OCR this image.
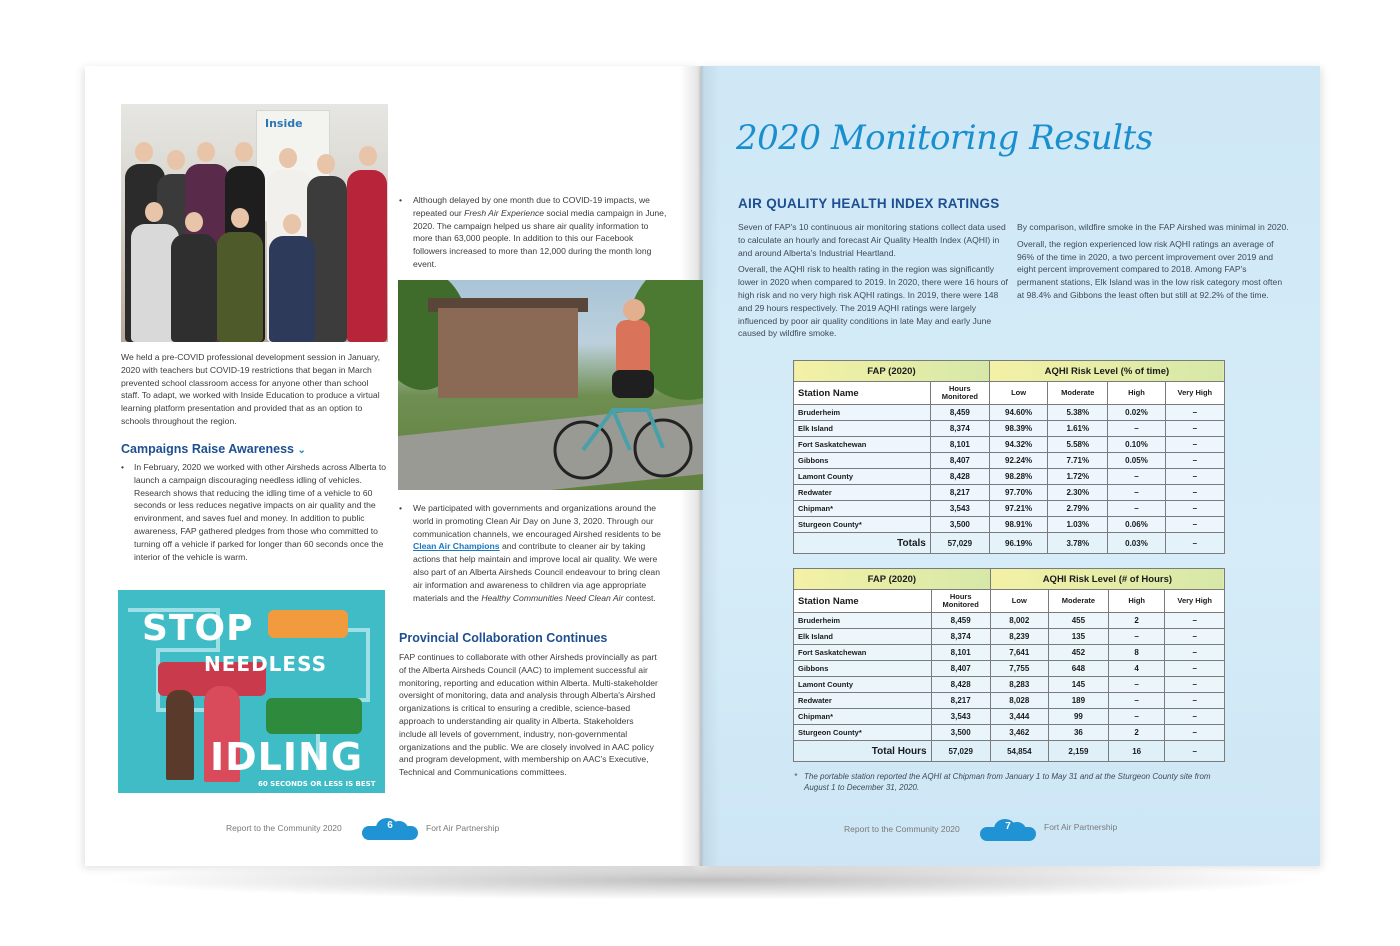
Inside
We held a pre-COVID professional development session in January, 2020 with teachers but COVID-19 restrictions that began in March prevented school classroom access for anyone other than school staff. To adapt, we worked with Inside Education to produce a virtual learning platform presentation and provided that as an option to schools throughout the region.
Campaigns Raise Awareness ⌄
• In February, 2020 we worked with other Airsheds across Alberta to launch a campaign discouraging needless idling of vehicles. Research shows that reducing the idling time of a vehicle to 60 seconds or less reduces negative impacts on air quality and the environment, and saves fuel and money. In addition to public awareness, FAP gathered pledges from those who committed to turning off a vehicle if parked for longer than 60 seconds once the interior of the vehicle is warm.
STOP
NEEDLESS
IDLING
60 SECONDS OR LESS IS BEST
• Although delayed by one month due to COVID-19 impacts, we repeated our Fresh Air Experience social media campaign in June, 2020. The campaign helped us share air quality information to more than 63,000 people. In addition to this our Facebook followers increased to more than 12,000 during the month long event.
• We participated with governments and organizations around the world in promoting Clean Air Day on June 3, 2020. Through our communication channels, we encouraged Airshed residents to be Clean Air Champions and contribute to cleaner air by taking actions that help maintain and improve local air quality. We were also part of an Alberta Airsheds Council endeavour to bring clean air information and awareness to children via age appropriate materials and the Healthy Communities Need Clean Air contest.
Provincial Collaboration Continues
FAP continues to collaborate with other Airsheds provincially as part of the Alberta Airsheds Council (AAC) to implement successful air monitoring, reporting and education within Alberta. Multi-stakeholder oversight of monitoring, data and analysis through Alberta's Airshed organizations is critical to ensuring a credible, science-based approach to understanding air quality in Alberta. Stakeholders include all levels of government, industry, non-governmental organizations and the public. We are closely involved in AAC policy and program development, with membership on AAC's Executive, Technical and Communications committees.
Report to the Community 2020	6	Fort Air Partnership
2020 Monitoring Results
AIR QUALITY HEALTH INDEX RATINGS
Seven of FAP's 10 continuous air monitoring stations collect data used to calculate an hourly and forecast Air Quality Health Index (AQHI) in and around Alberta's Industrial Heartland.
Overall, the AQHI risk to health rating in the region was significantly lower in 2020 when compared to 2019. In 2020, there were 16 hours of high risk and no very high risk AQHI ratings. In 2019, there were 148 and 29 hours respectively. The 2019 AQHI ratings were largely influenced by poor air quality conditions in late May and early June caused by wildfire smoke.
By comparison, wildfire smoke in the FAP Airshed was minimal in 2020.
Overall, the region experienced low risk AQHI ratings an average of 96% of the time in 2020, a two percent improvement over 2019 and eight percent improvement compared to 2018. Among FAP's permanent stations, Elk Island was in the low risk category most often at 98.4% and Gibbons the least often but still at 92.2% of the time.
FAP (2020)		AQHI Risk Level (% of time)			
Station Name	Hours Monitored	Low	Moderate	High	Very High
Bruderheim	8,459	94.60%	5.38%	0.02%	–
Elk Island	8,374	98.39%	1.61%	–	–
Fort Saskatchewan	8,101	94.32%	5.58%	0.10%	–
Gibbons	8,407	92.24%	7.71%	0.05%	–
Lamont County	8,428	98.28%	1.72%	–	–
Redwater	8,217	97.70%	2.30%	–	–
Chipman*	3,543	97.21%	2.79%	–	–
Sturgeon County*	3,500	98.91%	1.03%	0.06%	–
Totals	57,029	96.19%	3.78%	0.03%	–
FAP (2020)		AQHI Risk Level (# of Hours)			
Station Name	Hours Monitored	Low	Moderate	High	Very High
Bruderheim	8,459	8,002	455	2	–
Elk Island	8,374	8,239	135	–	–
Fort Saskatchewan	8,101	7,641	452	8	–
Gibbons	8,407	7,755	648	4	–
Lamont County	8,428	8,283	145	–	–
Redwater	8,217	8,028	189	–	–
Chipman*	3,543	3,444	99	–	–
Sturgeon County*	3,500	3,462	36	2	–
Total Hours	57,029	54,854	2,159	16	–
* The portable station reported the AQHI at Chipman from January 1 to May 31 and at the Sturgeon County site from August 1 to December 31, 2020.
Report to the Community 2020	7	Fort Air Partnership
